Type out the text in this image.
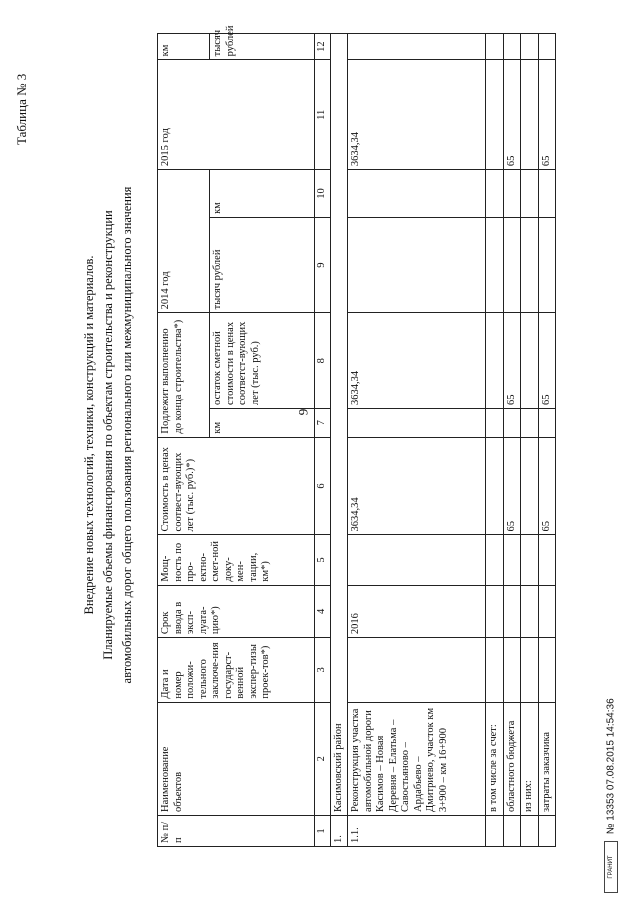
9
Таблица № 3
Внедрение новых технологий, техники, конструкций и материалов. Планируемые объемы финансирования по объектам строительства и реконструкции автомобильных дорог общего пользования регионального или межмуниципального значения
№ п/п	Наименование объектов	Дата и номер положи-тельного заключе-ния государст-венной экспер-тизы проек-тов*)	Срок ввода в эксп-луата-цию*)	Мощ-ность по про-ектно-смет-ной доку-мен-тации, км*)	Стоимость в ценах соотвест-вующих лет (тыс. руб.)*)	Подлежит выполнению до конца строительства*)		2014 год		2015 год	км
						км	остаток сметной стоимости в ценах соответст-вующих лет (тыс. руб.)	тысяч рублей	км		тысяч рублей
1	2	3	4	5	6	7	8	9	10	11	12
1.	Касимовский район										
1.1.	Реконструкция участка автомобильной дороги Касимов – Новая Деревня – Елатьма – Савостьяново – Ардабьево – Дмитриево, участок км 3+900 – км 16+900		2016		3634,34		3634,34			3634,34	
	в том числе за счет:										
	областного бюджета				65		65			65	
	из них:										
	затраты заказчика				65		65			65	
ГРАНИТ № 13353 07.08.2015 14:54:36
